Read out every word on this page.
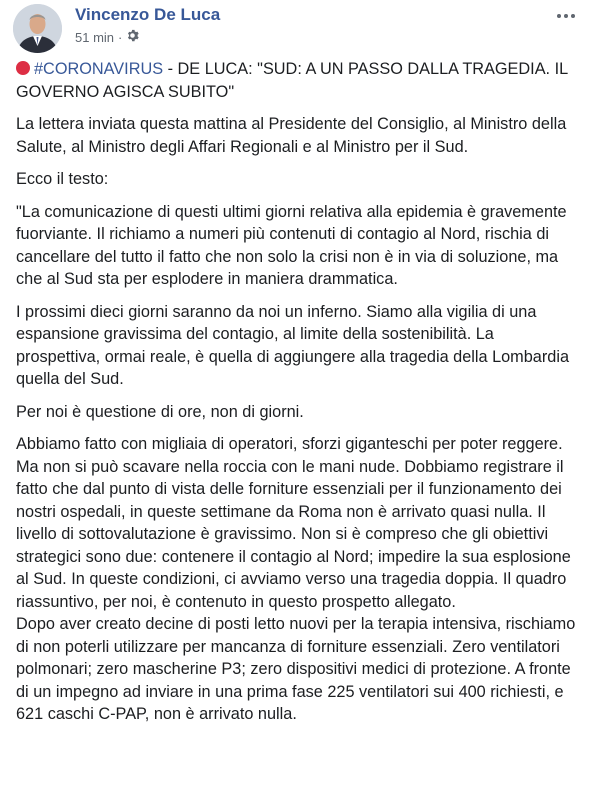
Vincenzo De Luca
51 min ·

#CORONAVIRUS - DE LUCA: "SUD: A UN PASSO DALLA TRAGEDIA. IL GOVERNO AGISCA SUBITO"

La lettera inviata questa mattina al Presidente del Consiglio, al Ministro della Salute, al Ministro degli Affari Regionali e al Ministro per il Sud.

Ecco il testo:

"La comunicazione di questi ultimi giorni relativa alla epidemia è gravemente fuorviante. Il richiamo a numeri più contenuti di contagio al Nord, rischia di cancellare del tutto il fatto che non solo la crisi non è in via di soluzione, ma che al Sud sta per esplodere in maniera drammatica.

I prossimi dieci giorni saranno da noi un inferno. Siamo alla vigilia di una espansione gravissima del contagio, al limite della sostenibilità. La prospettiva, ormai reale, è quella di aggiungere alla tragedia della Lombardia quella del Sud.

Per noi è questione di ore, non di giorni.

Abbiamo fatto con migliaia di operatori, sforzi giganteschi per poter reggere. Ma non si può scavare nella roccia con le mani nude. Dobbiamo registrare il fatto che dal punto di vista delle forniture essenziali per il funzionamento dei nostri ospedali, in queste settimane da Roma non è arrivato quasi nulla. Il livello di sottovalutazione è gravissimo. Non si è compreso che gli obiettivi strategici sono due: contenere il contagio al Nord; impedire la sua esplosione al Sud. In queste condizioni, ci avviamo verso una tragedia doppia. Il quadro riassuntivo, per noi, è contenuto in questo prospetto allegato.

Dopo aver creato decine di posti letto nuovi per la terapia intensiva, rischiamo di non poterli utilizzare per mancanza di forniture essenziali. Zero ventilatori polmonari; zero mascherine P3; zero dispositivi medici di protezione. A fronte di un impegno ad inviare in una prima fase 225 ventilatori sui 400 richiesti, e 621 caschi C-PAP, non è arrivato nulla.
